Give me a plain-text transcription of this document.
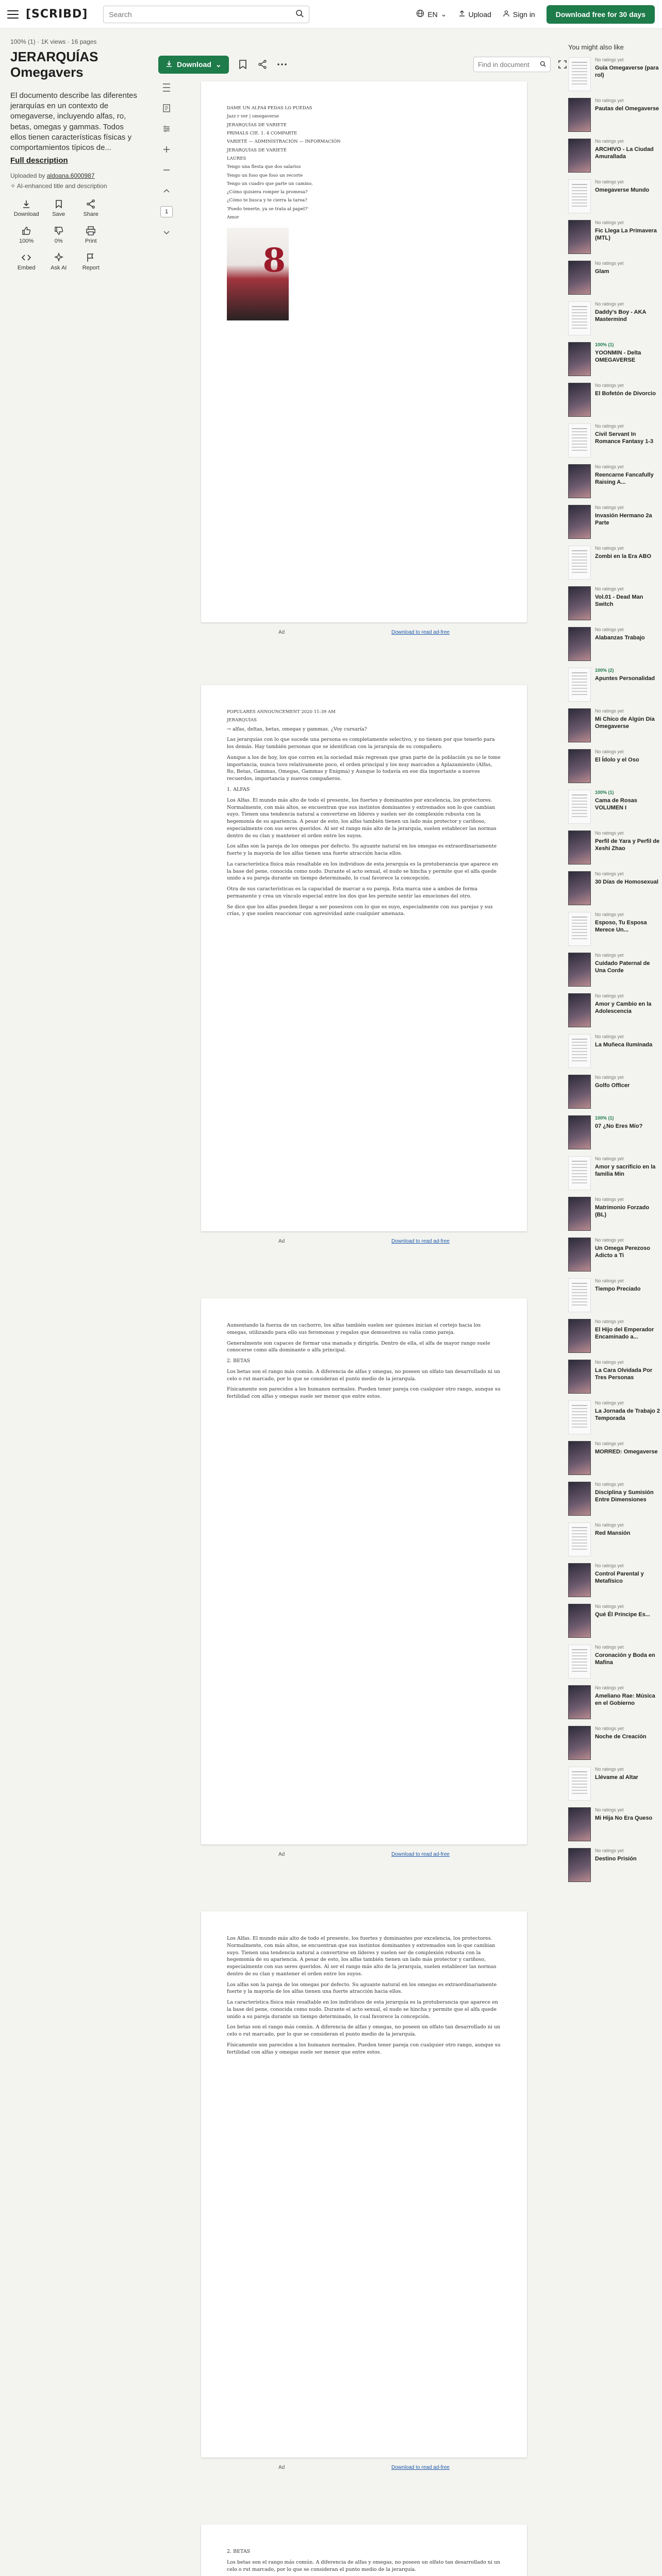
[SCRIBD]	Search	EN ⌄	Upload	Sign in	Download free for 30 days
100% (1) · 1K views · 16 pages
JERARQUÍAS Omegavers

El documento describe las diferentes jerarquías en un contexto de omegaverse, incluyendo alfas, ro, betas, omegas y gammas. Todos ellos tienen características físicas y comportamientos típicos de...

Full description
Uploaded by aldoana.6000987
✧ AI-enhanced title and description
Download Save	Share
100%	0%	Print
Embed	Ask AI	Report
Download ⌄	Find in document
1

DAME UN ALFA4 PEDAS LO PUEDAS

Jazz r ver | omegaverse

JERARQUÍAS DE VARIETE

PRIMALS CIE. 1. 4 COMPARTE

VARIETÉ — ADMINISTRACIÓN — INFORMACIÓN

JERARQUÍAS DE VARIETÉ

LAURES

Tengo una flesta que dos salarios

Tengo un foso que foso un recorte

Tengo un cuadro que parte un camino.

¿Cómo quisiera romper la promesa?

¿Cómo te busca y te cierra la tarea?

'Puedo tenerte, ya se trata al papel?'

Amor

8
Ad	Download to read ad-free

POPULARES ANNOUNCEMENT 2020 11:39 AM

JERARQUÍAS

→ alfas, deltas, betas, omegas y gammas. ¿Voy cursaría?

Las jerarquías con lo que sucede una persona es completamente selectivo, y no tienen por que tenerlo para los demás. Hay también personas que se identifican con la jerarquía de su compañero.

Aunque a los de hoy, los que corren en la sociedad más regresan que gran parte de la población ya no le tome importancia, nunca tuvo relativamente poco, el orden principal y los muy marcados a Aplazamiento (Alfas, Ro, Betas, Gammas, Omegas, Gammas y Enigma) y Aunque lo todavía en ese día importante a nuevos recuerdos, importancia y nuevos compañeros.

1. ALFAS

Los Alfas. El mundo más alto de todo el presente, los fuertes y dominantes por excelencia, los protectores. Normalmente, con más altos, se encuentran que sus instintos dominantes y extremados son lo que cambian suyo. Tienen una tendencia natural a convertirse en líderes y suelen ser de complexión robusta con la hegemonía de su apariencia. A pesar de esto, los alfas también tienen un lado más protector y cariñoso, especialmente con sus seres queridos. Al ser el rango más alto de la jerarquía, suelen establecer las normas dentro de su clan y mantener el orden entre los suyos.

Los alfas son la pareja de los omegas por defecto. Su aguante natural en los omegas es extraordinariamente fuerte y la mayoría de los alfas tienen una fuerte atracción hacia ellos.

La característica física más resaltable en los individuos de esta jerarquía es la protuberancia que aparece en la base del pene, conocida como nudo. Durante el acto sexual, el nudo se hincha y permite que el alfa quede unido a su pareja durante un tiempo determinado, lo cual favorece la concepción.

Otra de sus características es la capacidad de marcar a su pareja. Esta marca une a ambos de forma permanente y crea un vínculo especial entre los dos que les permite sentir las emociones del otro.

Se dice que los alfas pueden llegar a ser posesivos con lo que es suyo, especialmente con sus parejas y sus crías, y que suelen reaccionar con agresividad ante cualquier amenaza.

Ad	Download to read ad-free

Aumentando la fuerza de un cachorro, los alfas también suelen ser quienes inician el cortejo hacia los omegas, utilizando para ello sus feromonas y regalos que demuestren su valía como pareja.

Generalmente son capaces de formar una manada y dirigirla. Dentro de ella, el alfa de mayor rango suele conocerse como alfa dominante o alfa principal.

2. BETAS

Los betas son el rango más común. A diferencia de alfas y omegas, no poseen un olfato tan desarrollado ni un celo o rut marcado, por lo que se consideran el punto medio de la jerarquía.

Físicamente son parecidos a los humanos normales. Pueden tener pareja con cualquier otro rango, aunque su fertilidad con alfas y omegas suele ser menor que entre estos.

Ad	Download to read ad-free

Los Alfas. El mundo más alto de todo el presente, los fuertes y dominantes por excelencia, los protectores. Normalmente, con más altos, se encuentran que sus instintos dominantes y extremados son lo que cambian suyo. Tienen una tendencia natural a convertirse en líderes y suelen ser de complexión robusta con la hegemonía de su apariencia. A pesar de esto, los alfas también tienen un lado más protector y cariñoso, especialmente con sus seres queridos. Al ser el rango más alto de la jerarquía, suelen establecer las normas dentro de su clan y mantener el orden entre los suyos.

Los alfas son la pareja de los omegas por defecto. Su aguante natural en los omegas es extraordinariamente fuerte y la mayoría de los alfas tienen una fuerte atracción hacia ellos.

La característica física más resaltable en los individuos de esta jerarquía es la protuberancia que aparece en la base del pene, conocida como nudo. Durante el acto sexual, el nudo se hincha y permite que el alfa quede unido a su pareja durante un tiempo determinado, lo cual favorece la concepción.

Los betas son el rango más común. A diferencia de alfas y omegas, no poseen un olfato tan desarrollado ni un celo o rut marcado, por lo que se consideran el punto medio de la jerarquía.

Físicamente son parecidos a los humanos normales. Pueden tener pareja con cualquier otro rango, aunque su fertilidad con alfas y omegas suele ser menor que entre estos.

Ad	Download to read ad-free

2. BETAS

Los betas son el rango más común. A diferencia de alfas y omegas, no poseen un olfato tan desarrollado ni un celo o rut marcado, por lo que se consideran el punto medio de la jerarquía.

You might also like
No ratings yet
Guía Omegaverse (para rol)
No ratings yet
Pautas del Omegaverse
No ratings yet
ARCHIVO - La Ciudad Amurallada
No ratings yet
Omegaverse Mundo
No ratings yet
Fic Llega La Primavera (MTL)
No ratings yet
Glam
No ratings yet
Daddy's Boy - AKA Mastermind
100% (1)
YOONMIN - Delta OMEGAVERSE
No ratings yet
El Bofetón de Divorcio
No ratings yet
Civil Servant In Romance Fantasy 1-3
No ratings yet
Reencarne Fancafully Raising A...
No ratings yet
Invasión Hermano 2a Parte
No ratings yet
Zombi en la Era ABO
No ratings yet
Vol.01 - Dead Man Switch
No ratings yet
Alabanzas Trabajo
100% (2)
Apuntes Personalidad
No ratings yet
Mi Chico de Algún Día Omegaverse
No ratings yet
El Ídolo y el Oso
100% (1)
Cama de Rosas VOLUMEN I
No ratings yet
Perfil de Yara y Perfil de Xeshi Zhao
No ratings yet
30 Días de Homosexual
No ratings yet
Esposo, Tu Esposa Merece Un...
No ratings yet
Cuidado Paternal de Una Corde
No ratings yet
Amor y Cambio en la Adolescencia
No ratings yet
La Muñeca Iluminada
No ratings yet
Golfo Officer
100% (1)
07 ¿No Eres Mío?
No ratings yet
Amor y sacrificio en la familia Min
No ratings yet
Matrimonio Forzado (BL)
No ratings yet
Un Omega Perezoso Adicto a Ti
No ratings yet
Tiempo Preciado
No ratings yet
El Hijo del Emperador Encaminado a...
No ratings yet
La Cara Olvidada Por Tres Personas
No ratings yet
La Jornada de Trabajo 2 Temporada
No ratings yet
MORRED: Omegaverse
No ratings yet
Disciplina y Sumisión Entre Dimensiones
No ratings yet
Red Mansión
No ratings yet
Control Parental y Metafísico
No ratings yet
Qué Él Principe Es...
No ratings yet
Coronación y Boda en Mafina
No ratings yet
Ameliano Rae: Música en el Gobierno
No ratings yet
Noche de Creación
No ratings yet
Llévame al Altar
No ratings yet
Mi Hija No Era Queso
No ratings yet
Destino Prisión
